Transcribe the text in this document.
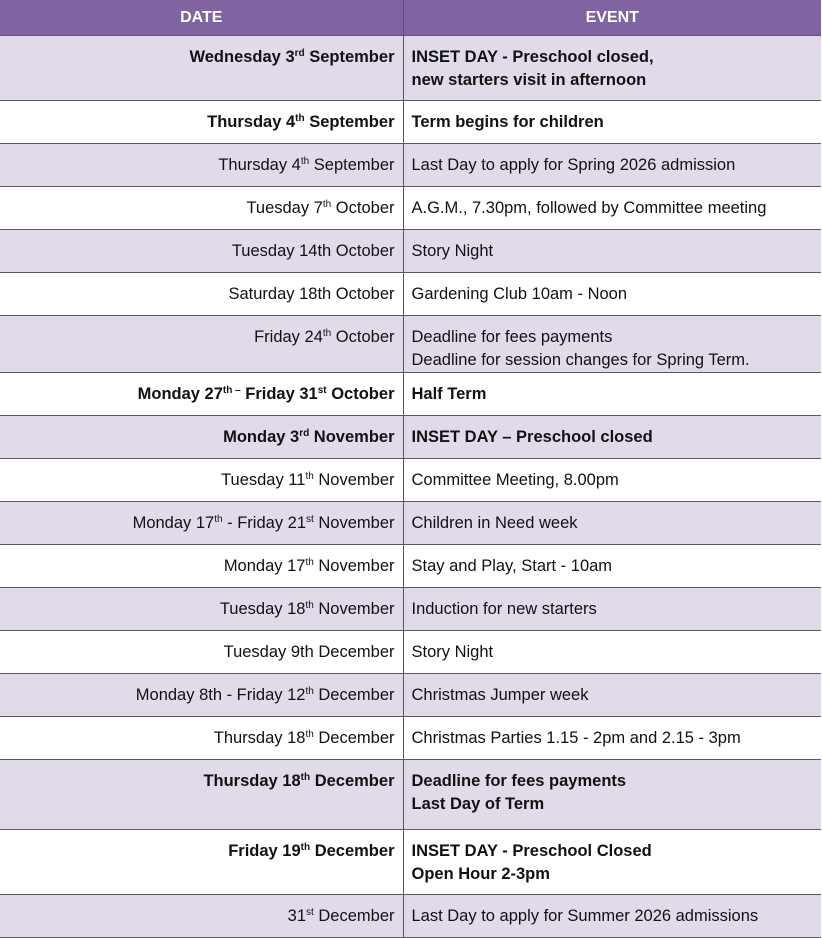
DATE	EVENT
Wednesday 3rd September	INSET DAY - Preschool closed,
new starters visit in afternoon

Thursday 4th September	Term begins for children
Thursday 4th September	Last Day to apply for Spring 2026 admission
Tuesday 7th October	A.G.M., 7.30pm, followed by Committee meeting
Tuesday 14th October	Story Night
Saturday 18th October	Gardening Club 10am - Noon
Friday 24th October	Deadline for fees payments
Deadline for session changes for Spring Term.

Monday $27^{th -}$ Friday 31st October	Half Term
Monday 3rd November	INSET DAY – Preschool closed
Tuesday 11th November	Committee Meeting, 8.00pm
Monday 17th - Friday 21st November	Children in Need week
Monday 17th November	Stay and Play, Start - 10am
Tuesday 18th November	Induction for new starters
Tuesday 9th December	Story Night
Monday 8th - Friday 12th December	Christmas Jumper week
Thursday 18th December	Christmas Parties 1.15 - 2pm and 2.15 - 3pm
Thursday 18th December	Deadline for fees payments
Last Day of Term

Friday 19th December	INSET DAY - Preschool Closed
Open Hour 2-3pm

31st December	Last Day to apply for Summer 2026 admissions
